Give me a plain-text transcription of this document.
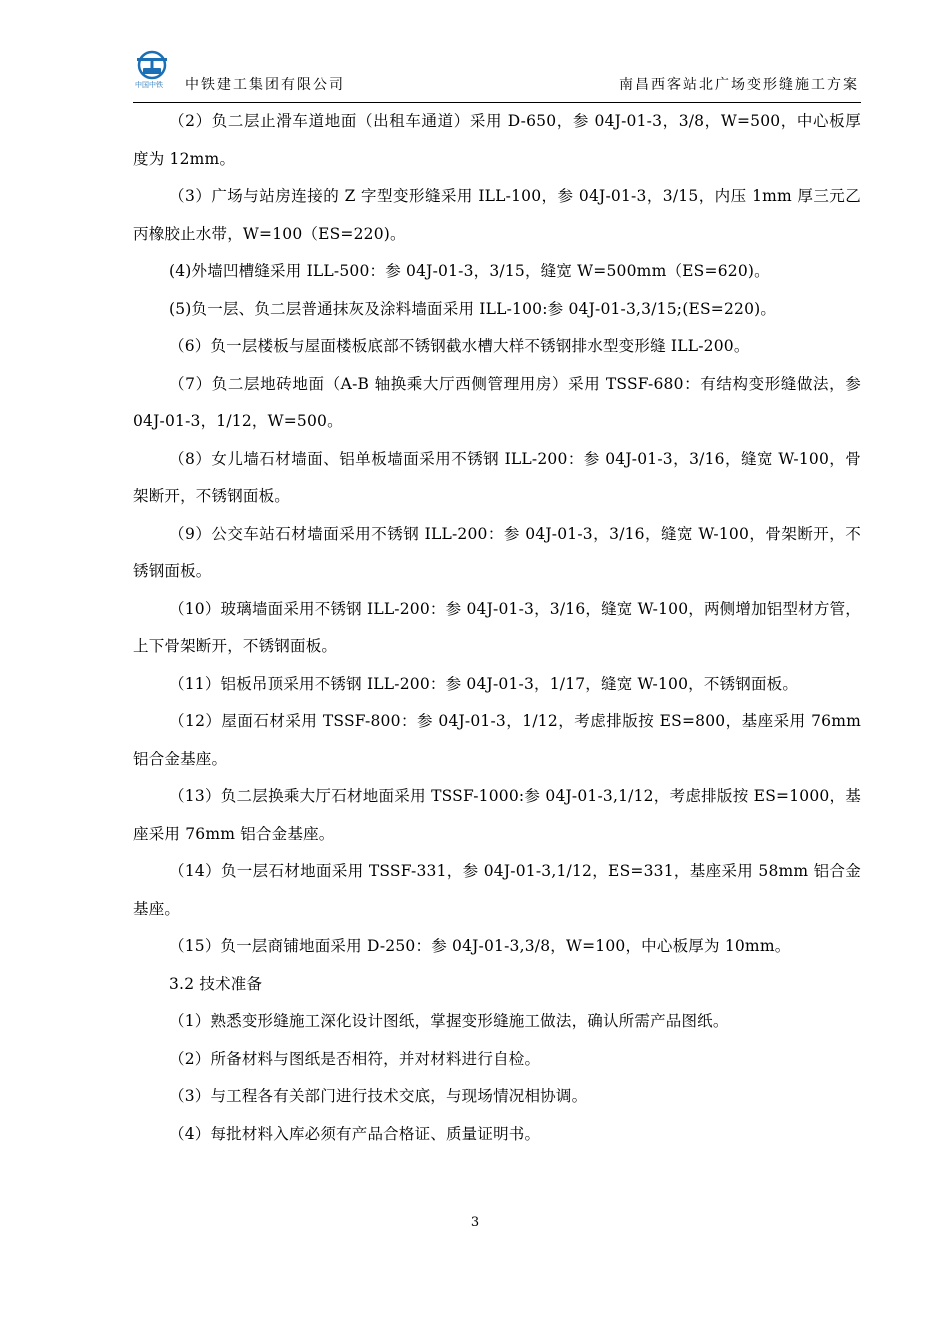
中国中铁 中铁建工集团有限公司	南昌西客站北广场变形缝施工方案

（2）负二层止滑车道地面（出租车通道）采用 D-650，参 04J-01-3，3/8，W=500，中心板厚度为 12mm。

（3）广场与站房连接的 Z 字型变形缝采用 ILL-100，参 04J-01-3，3/15，内压 1mm 厚三元乙丙橡胶止水带，W=100（ES=220)。

(4)外墙凹槽缝采用 ILL-500：参 04J-01-3，3/15，缝宽 W=500mm（ES=620)。

(5)负一层、负二层普通抹灰及涂料墙面采用 ILL-100:参 04J-01-3,3/15;(ES=220)。

（6）负一层楼板与屋面楼板底部不锈钢截水槽大样不锈钢排水型变形缝 ILL-200。

（7）负二层地砖地面（A-B 轴换乘大厅西侧管理用房）采用 TSSF-680：有结构变形缝做法，参 04J-01-3，1/12，W=500。

（8）女儿墙石材墙面、铝单板墙面采用不锈钢 ILL-200：参 04J-01-3，3/16，缝宽 W-100，骨架断开，不锈钢面板。

（9）公交车站石材墙面采用不锈钢 ILL-200：参 04J-01-3，3/16，缝宽 W-100，骨架断开，不锈钢面板。

（10）玻璃墙面采用不锈钢 ILL-200：参 04J-01-3，3/16，缝宽 W-100，两侧增加铝型材方管，上下骨架断开，不锈钢面板。

（11）铝板吊顶采用不锈钢 ILL-200：参 04J-01-3，1/17，缝宽 W-100，不锈钢面板。

（12）屋面石材采用 TSSF-800：参 04J-01-3，1/12，考虑排版按 ES=800，基座采用 76mm 铝合金基座。

（13）负二层换乘大厅石材地面采用 TSSF-1000:参 04J-01-3,1/12，考虑排版按 ES=1000，基座采用 76mm 铝合金基座。

（14）负一层石材地面采用 TSSF-331，参 04J-01-3,1/12，ES=331，基座采用 58mm 铝合金基座。

（15）负一层商铺地面采用 D-250：参 04J-01-3,3/8，W=100，中心板厚为 10mm。

3.2 技术准备

（1）熟悉变形缝施工深化设计图纸，掌握变形缝施工做法，确认所需产品图纸。

（2）所备材料与图纸是否相符，并对材料进行自检。

（3）与工程各有关部门进行技术交底，与现场情况相协调。

（4）每批材料入库必须有产品合格证、质量证明书。

3
